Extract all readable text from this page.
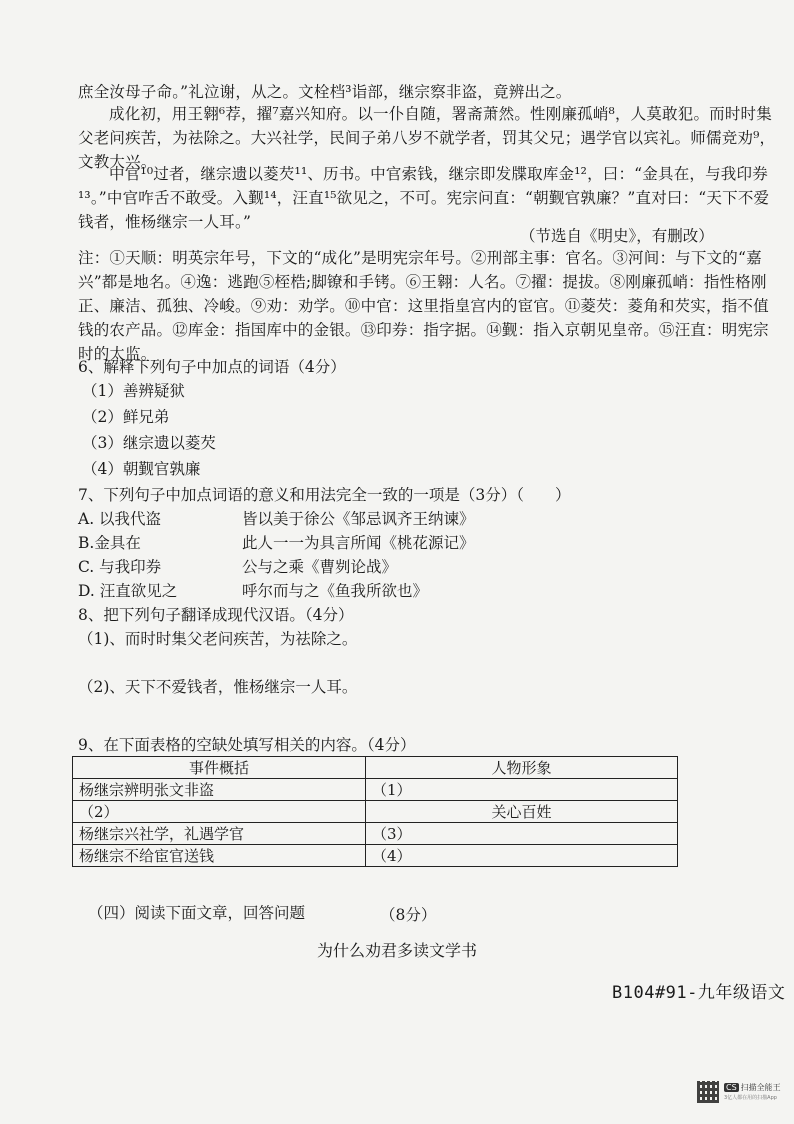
庶全汝母子命。”礼泣谢，从之。文栓档³诣部，继宗察非盗，竟辨出之。
成化初，用王翱⁶荐，擢⁷嘉兴知府。以一仆自随，署斋萧然。性刚廉孤峭⁸，人莫敢犯。而时时集父老问疾苦，为祛除之。大兴社学，民间子弟八岁不就学者，罚其父兄；遇学官以宾礼。师儒竞劝⁹，文教大兴。
中官¹⁰过者，继宗遗以菱芡¹¹、历书。中官索钱，继宗即发牒取库金¹²，曰：“金具在，与我印券¹³。”中官咋舌不敢受。入觐¹⁴，汪直¹⁵欲见之，不可。宪宗问直：“朝觐官孰廉？”直对曰：“天下不爱钱者，惟杨继宗一人耳。”
（节选自《明史》，有删改）
注：①天顺：明英宗年号，下文的“成化”是明宪宗年号。②刑部主事：官名。③河间：与下文的“嘉兴”都是地名。④逸：逃跑⑤桎梏;脚镣和手铐。⑥王翱：人名。⑦擢：提拔。⑧刚廉孤峭：指性格刚正、廉洁、孤独、冷峻。⑨劝：劝学。⑩中官：这里指皇宫内的宦官。⑪菱芡：菱角和芡实，指不值钱的农产品。⑫库金：指国库中的金银。⑬印券：指字据。⑭觐：指入京朝见皇帝。⑮汪直：明宪宗时的太监。
6、解释下列句子中加点的词语（4分）
（1）善辨疑狱
（2）鲜兄弟
（3）继宗遗以菱芡
（4）朝觐官孰廉
7、下列句子中加点词语的意义和用法完全一致的一项是（3分）（　　）
A. 以我代盗	皆以美于徐公《邹忌讽齐王纳谏》
B.金具在	此人一一为具言所闻《桃花源记》
C. 与我印券	公与之乘《曹刿论战》
D. 汪直欲见之	呼尔而与之《鱼我所欲也》
8、把下列句子翻译成现代汉语。（4分）
（1)、而时时集父老问疾苦，为祛除之。
（2)、天下不爱钱者，惟杨继宗一人耳。
9、在下面表格的空缺处填写相关的内容。（4分）
事件概括	人物形象
杨继宗辨明张文非盗	（1）
（2）	关心百姓
杨继宗兴社学，礼遇学官	（3）
杨继宗不给宦官送钱	（4）
（四）阅读下面文章，回答问题	（8分）
为什么劝君多读文学书
B104#91-九年级语文
CS 扫描全能王
3亿人都在用的扫描App
